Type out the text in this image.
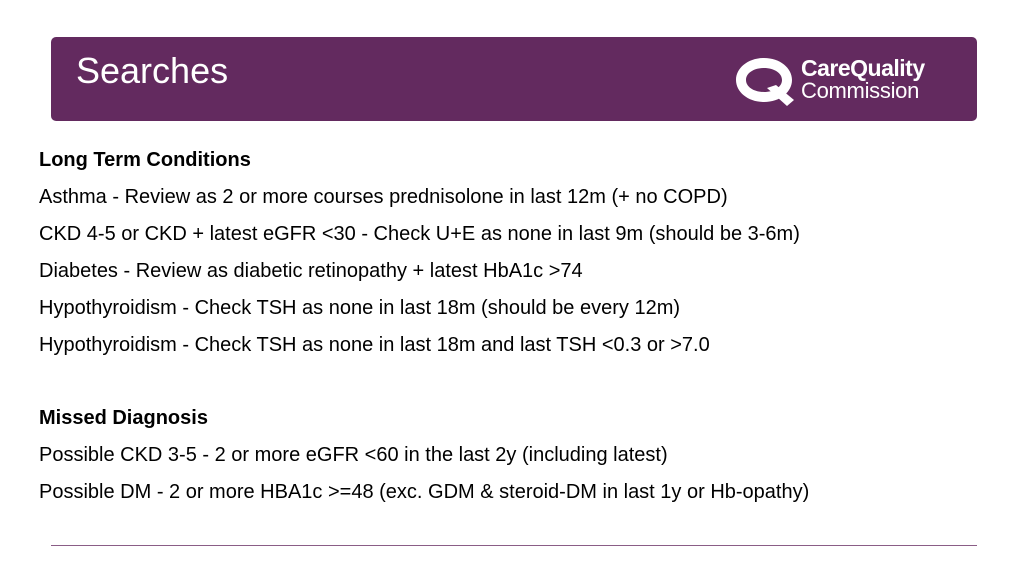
Searches	CareQuality
Commission
Long Term Conditions
Asthma - Review as 2 or more courses prednisolone in last 12m (+ no COPD)
CKD 4-5 or CKD + latest eGFR <30 - Check U+E as none in last 9m (should be 3-6m)
Diabetes - Review as diabetic retinopathy + latest HbA1c >74
Hypothyroidism - Check TSH as none in last 18m (should be every 12m)
Hypothyroidism - Check TSH as none in last 18m and last TSH <0.3 or >7.0
Missed Diagnosis
Possible CKD 3-5 - 2 or more eGFR <60 in the last 2y (including latest)
Possible DM - 2 or more HBA1c >=48 (exc. GDM & steroid-DM in last 1y or Hb-opathy)
